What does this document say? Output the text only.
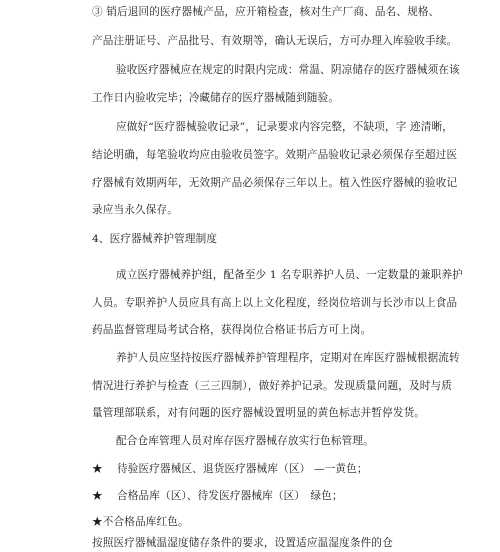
③ 销后退回的医疗器械产品，应开箱检查，核对生产厂商、品名、规格、
产品注册证号、产品批号、有效期等，确认无误后，方可办理入库验收手续。
验收医疗器械应在规定的时限内完成：常温、阴凉储存的医疗器械须在该
工作日内验收完毕；冷藏储存的医疗器械随到随验。
应做好“医疗器械验收记录”，记录要求内容完整，不缺项，字 迹清晰，
结论明确，每笔验收均应由验收员签字。效期产品验收记录必须保存至超过医
疗器械有效期两年，无效期产品必须保存三年以上。植入性医疗器械的验收记
录应当永久保存。
4、医疗器械养护管理制度
成立医疗器械养护组，配备至少 1 名专职养护人员、一定数量的兼职养护
人员。专职养护人员应具有高上以上文化程度，经岗位培训与长沙市以上食品
药品监督管理局考试合格，获得岗位合格证书后方可上岗。
养护人员应坚持按医疗器械养护管理程序，定期对在库医疗器械根据流转
情况进行养护与检查（三三四制），做好养护记录。发现质量问题，及时与质
量管理部联系，对有问题的医疗器械设置明显的黄色标志并暂停发货。
配合仓库管理人员对库存医疗器械存放实行色标管理。
★　 待验医疗器械区、退货医疗器械库（区） —一黄色；
★　 合格品库（区）、待发医疗器械库（区）　绿色；
★不合格品库红色。
按照医疗器械温湿度储存条件的要求，设置适应温湿度条件的仓
